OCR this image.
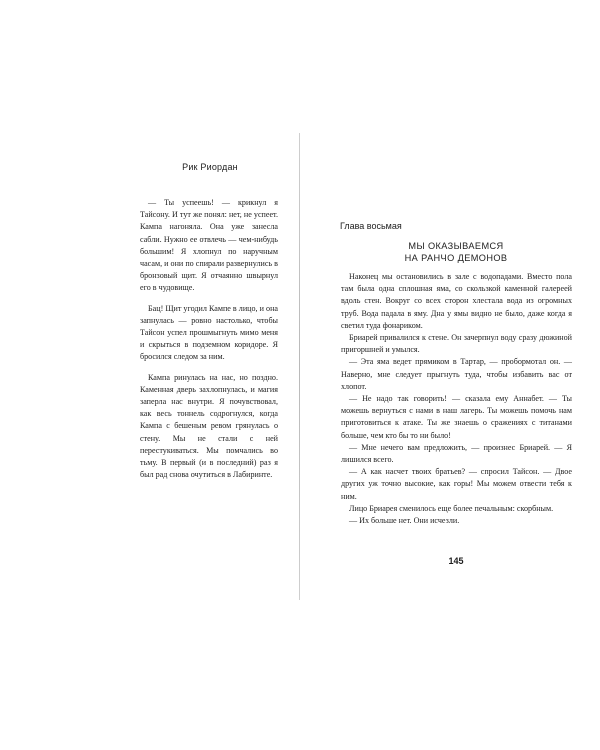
Рик Риордан

— Ты успеешь! — крикнул я Тайсону. И тут же понял: нет, не успеет. Кампа нагоняла. Она уже занесла сабли. Нужно ее отвлечь — чем-нибудь большим! Я хлопнул по наручным часам, и они по спирали развернулись в бронзовый щит. Я отчаянно швырнул его в чудовище.

Бац! Щит угодил Кампе в лицо, и она запнулась — ровно настолько, чтобы Тайсон успел прошмыгнуть мимо меня и скрыться в подземном коридоре. Я бросился следом за ним.

Кампа ринулась на нас, но поздно. Каменная дверь захлопнулась, и магия заперла нас внутри. Я почувствовал, как весь тоннель содрогнулся, когда Кампа с бешеным ревом грянулась о стену. Мы не стали с ней перестукиваться. Мы помчались во тьму. В первый (и в последний) раз я был рад снова очутиться в Лабиринте.

Глава восьмая
МЫ ОКАЗЫВАЕМСЯ
НА РАНЧО ДЕМОНОВ

Наконец мы остановились в зале с водопадами. Вместо пола там была одна сплошная яма, со скользкой каменной галереей вдоль стен. Вокруг со всех сторон хлестала вода из огромных труб. Вода падала в яму. Дна у ямы видно не было, даже когда я светил туда фонариком.

Бриарей привалился к стене. Он зачерпнул воду сразу дюжиной пригоршней и умылся.

— Эта яма ведет прямиком в Тартар, — пробормотал он. — Наверно, мне следует прыгнуть туда, чтобы избавить вас от хлопот.

— Не надо так говорить! — сказала ему Аннабет. — Ты можешь вернуться с нами в наш лагерь. Ты можешь помочь нам приготовиться к атаке. Ты же знаешь о сражениях с титанами больше, чем кто бы то ни было!

— Мне нечего вам предложить, — произнес Бриарей. — Я лишился всего.

— А как насчет твоих братьев? — спросил Тайсон. — Двое других уж точно высокие, как горы! Мы можем отвести тебя к ним.

Лицо Бриарея сменилось еще более печальным: скорбным.

— Их больше нет. Они исчезли.

145
